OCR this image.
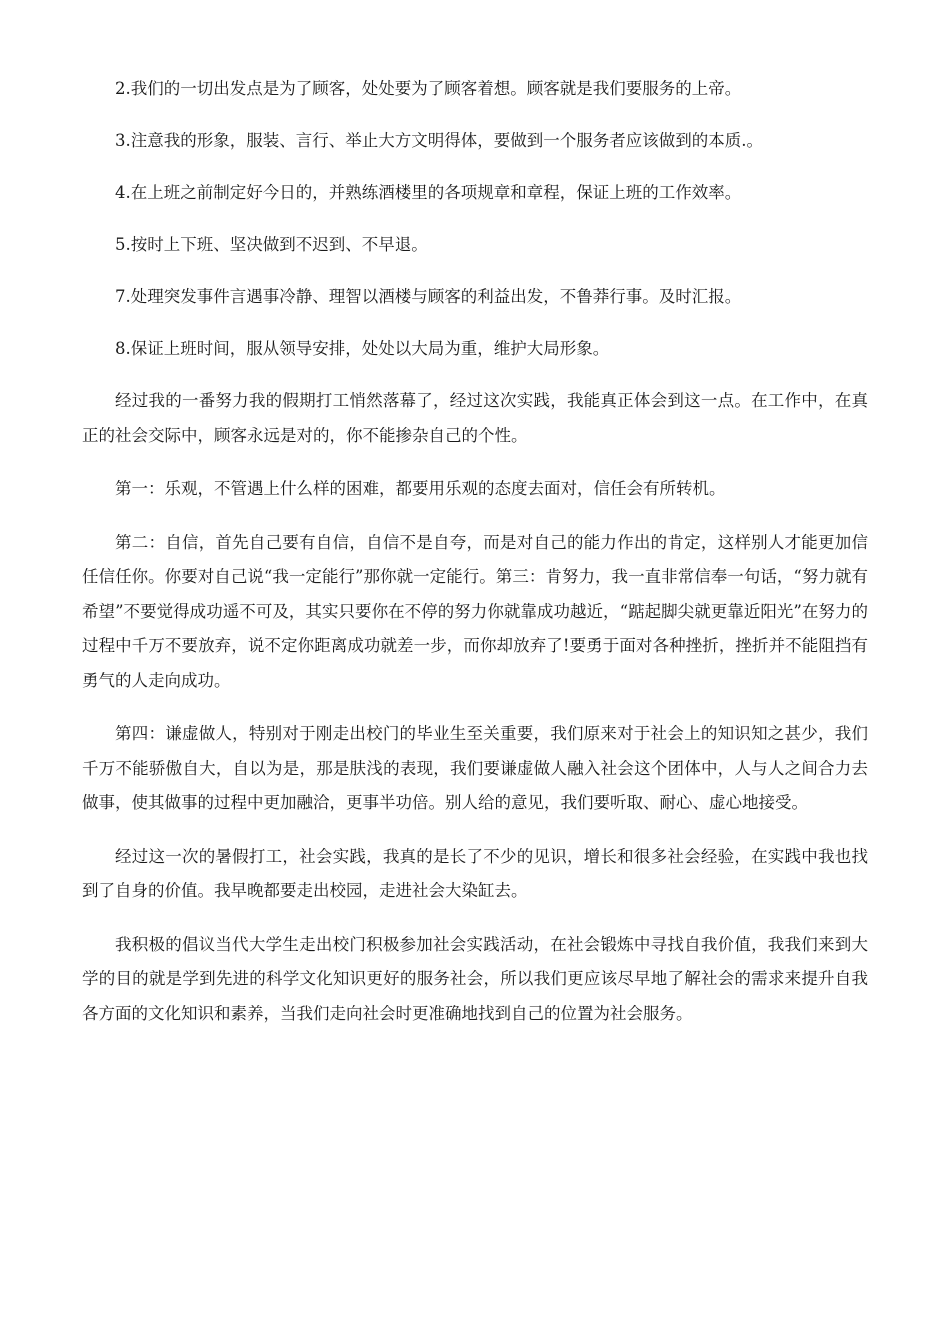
2.我们的一切出发点是为了顾客，处处要为了顾客着想。顾客就是我们要服务的上帝。

3.注意我的形象，服装、言行、举止大方文明得体，要做到一个服务者应该做到的本质.。

4.在上班之前制定好今日的，并熟练酒楼里的各项规章和章程，保证上班的工作效率。

5.按时上下班、坚决做到不迟到、不早退。

7.处理突发事件言遇事冷静、理智以酒楼与顾客的利益出发，不鲁莽行事。及时汇报。

8.保证上班时间，服从领导安排，处处以大局为重，维护大局形象。

经过我的一番努力我的假期打工悄然落幕了，经过这次实践，我能真正体会到这一点。在工作中，在真正的社会交际中，顾客永远是对的，你不能掺杂自己的个性。

第一：乐观，不管遇上什么样的困难，都要用乐观的态度去面对，信任会有所转机。

第二：自信，首先自己要有自信，自信不是自夸，而是对自己的能力作出的肯定，这样别人才能更加信任信任你。你要对自己说“我一定能行”那你就一定能行。第三：肯努力，我一直非常信奉一句话，“努力就有希望”不要觉得成功遥不可及，其实只要你在不停的努力你就靠成功越近，“踮起脚尖就更靠近阳光”在努力的过程中千万不要放弃，说不定你距离成功就差一步，而你却放弃了!要勇于面对各种挫折，挫折并不能阻挡有勇气的人走向成功。

第四：谦虚做人，特别对于刚走出校门的毕业生至关重要，我们原来对于社会上的知识知之甚少，我们千万不能骄傲自大，自以为是，那是肤浅的表现，我们要谦虚做人融入社会这个团体中，人与人之间合力去做事，使其做事的过程中更加融洽，更事半功倍。别人给的意见，我们要听取、耐心、虚心地接受。

经过这一次的暑假打工，社会实践，我真的是长了不少的见识，增长和很多社会经验，在实践中我也找到了自身的价值。我早晚都要走出校园，走进社会大染缸去。

我积极的倡议当代大学生走出校门积极参加社会实践活动，在社会锻炼中寻找自我价值，我我们来到大学的目的就是学到先进的科学文化知识更好的服务社会，所以我们更应该尽早地了解社会的需求来提升自我各方面的文化知识和素养，当我们走向社会时更准确地找到自己的位置为社会服务。
